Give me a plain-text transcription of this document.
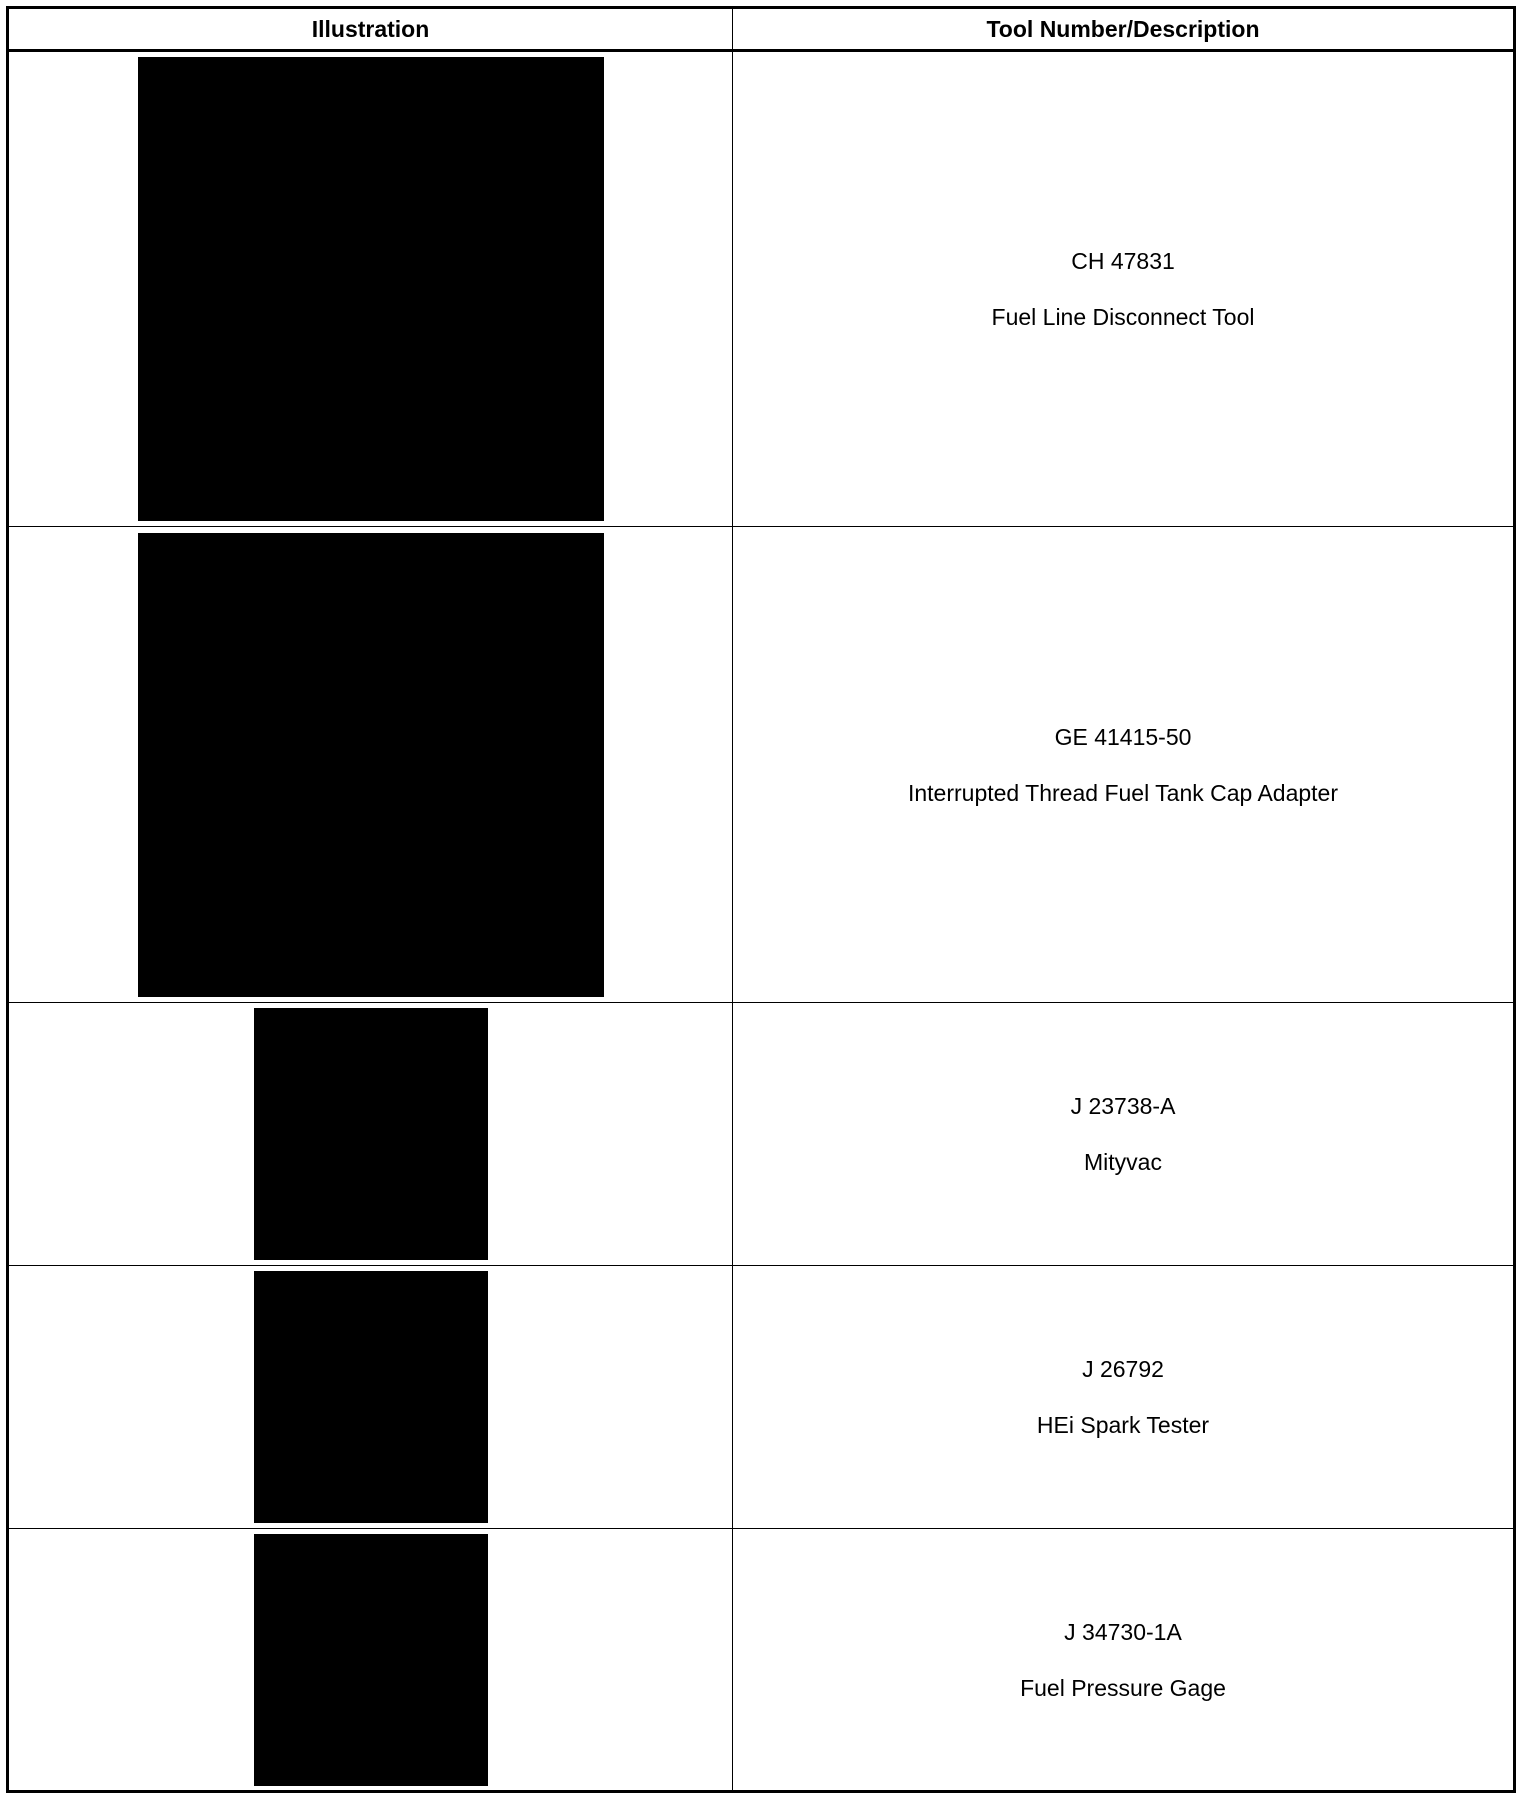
Illustration	Tool Number/Description

	CH 47831

Fuel Line Disconnect Tool

	GE 41415-50

Interrupted Thread Fuel Tank Cap Adapter

	J 23738-A

Mityvac

	J 26792

HEi Spark Tester

	J 34730-1A

Fuel Pressure Gage
